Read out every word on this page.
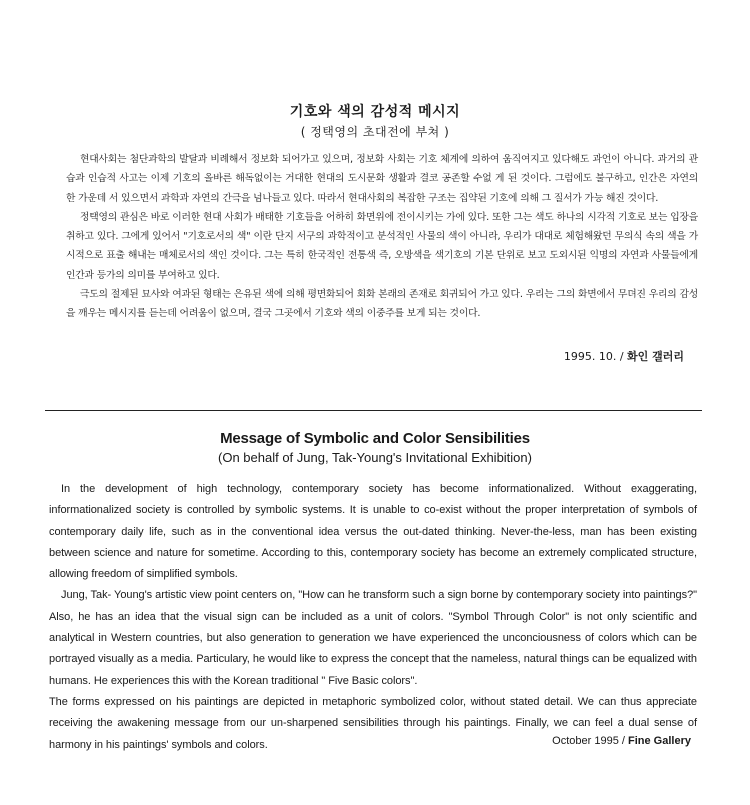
기호와 색의 감성적 메시지
( 정택영의 초대전에 부쳐 )

현대사회는 첨단과학의 발달과 비례해서 정보화 되어가고 있으며, 정보화 사회는 기호 체계에 의하여 움직여지고 있다해도 과언이 아니다. 과거의 관습과 인습적 사고는 이제 기호의 올바른 해독없이는 거대한 현대의 도시문화 생활과 결코 공존할 수없 게 된 것이다. 그럼에도 불구하고, 인간은 자연의 한 가운데 서 있으면서 과학과 자연의 간극을 넘나들고 있다. 따라서 현대사회의 복잡한 구조는 집약된 기호에 의해 그 질서가 가능 해진 것이다.

정택영의 관심은 바로 이러한 현대 사회가 배태한 기호들을 어하히 화면위에 전이시키는 가에 있다. 또한 그는 색도 하나의 시각적 기호로 보는 입장을 취하고 있다. 그에게 있어서 "기호로서의 색" 이란 단지 서구의 과학적이고 분석적인 사물의 색이 아니라, 우리가 대대로 체험해왔던 무의식 속의 색을 가시적으로 표출 해내는 매체로서의 색인 것이다. 그는 특히 한국적인 전통색 즉, 오방색을 색기호의 기본 단위로 보고 도외시된 익명의 자연과 사물들에게 인간과 등가의 의미를 부여하고 있다.

극도의 절제된 묘사와 여과된 형태는 은유된 색에 의해 평면화되어 회화 본래의 존재로 회귀되어 가고 있다. 우리는 그의 화면에서 무뎌진 우리의 감성을 깨우는 메시지를 듣는데 어려움이 없으며, 결국 그곳에서 기호와 색의 이중주를 보게 되는 것이다.

1995. 10. / 화인 갤러리
Message of Symbolic and Color Sensibilities
(On behalf of Jung, Tak-Young's Invitational Exhibition)

In the development of high technology, contemporary society has become informationalized. Without exaggerating, informationalized society is controlled by symbolic systems. It is unable to co-exist without the proper interpretation of symbols of contemporary daily life, such as in the conventional idea versus the out-dated thinking. Never-the-less, man has been existing between science and nature for sometime. According to this, contemporary society has become an extremely complicated structure, allowing freedom of simplified symbols.

Jung, Tak- Young's artistic view point centers on, "How can he transform such a sign borne by contemporary society into paintings?" Also, he has an idea that the visual sign can be included as a unit of colors. "Symbol Through Color" is not only scientific and analytical in Western countries, but also generation to generation we have experienced the unconciousness of colors which can be portrayed visually as a media. Particulary, he would like to express the concept that the nameless, natural things can be equalized with humans. He experiences this with the Korean traditional " Five Basic colors".

The forms expressed on his paintings are depicted in metaphoric symbolized color, without stated detail. We can thus appreciate receiving the awakening message from our un-sharpened sensibilities through his paintings. Finally, we can feel a dual sense of harmony in his paintings' symbols and colors.	October 1995 / Fine Gallery
